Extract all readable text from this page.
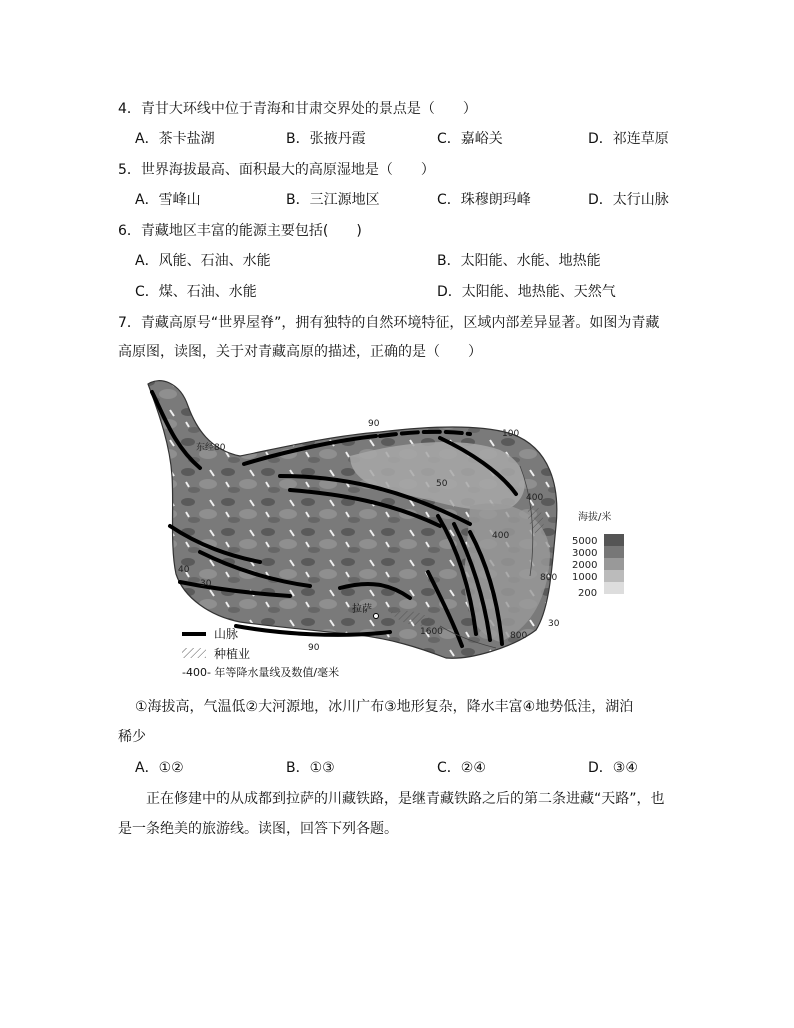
4．青甘大环线中位于青海和甘肃交界处的景点是（　　）
A．茶卡盐湖	B．张掖丹霞	C．嘉峪关	D．祁连草原
5．世界海拔最高、面积最大的高原湿地是（　　）
A．雪峰山	B．三江源地区	C．珠穆朗玛峰	D．太行山脉
6．青藏地区丰富的能源主要包括(　　)
A．风能、石油、水能	B．太阳能、水能、地热能
C．煤、石油、水能	D．太阳能、地热能、天然气
7．青藏高原号“世界屋脊”，拥有独特的自然环境特征，区域内部差异显著。如图为青藏
高原图，读图，关于对青藏高原的描述，正确的是（　　）
拉萨
90
100
400
50
400
40
30
东经80
800
800
1600
30
90
海拔/米
5000
3000
2000
1000
200
山脉
种植业
-400- 年等降水量线及数值/毫米
①海拔高，气温低②大河源地，冰川广布③地形复杂，降水丰富④地势低洼，湖泊
稀少
A．①②	B．①③	C．②④	D．③④
正在修建中的从成都到拉萨的川藏铁路，是继青藏铁路之后的第二条进藏“天路”，也
是一条绝美的旅游线。读图，回答下列各题。
